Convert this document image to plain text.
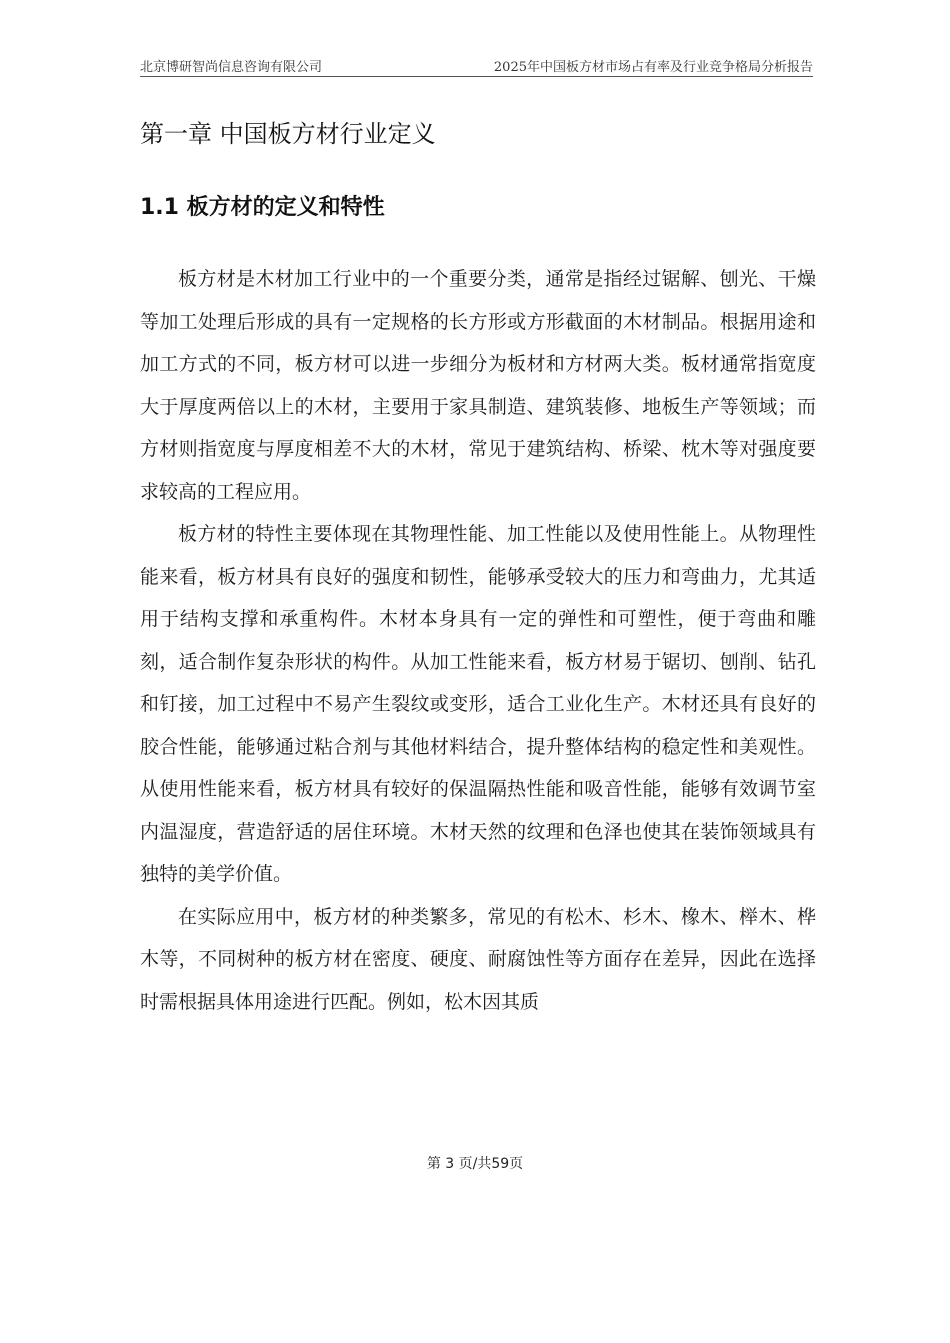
北京博研智尚信息咨询有限公司	2025年中国板方材市场占有率及行业竞争格局分析报告
第一章 中国板方材行业定义
1.1 板方材的定义和特性

板方材是木材加工行业中的一个重要分类，通常是指经过锯解、刨光、干燥等加工处理后形成的具有一定规格的长方形或方形截面的木材制品。根据用途和加工方式的不同，板方材可以进一步细分为板材和方材两大类。板材通常指宽度大于厚度两倍以上的木材，主要用于家具制造、建筑装修、地板生产等领域；而方材则指宽度与厚度相差不大的木材，常见于建筑结构、桥梁、枕木等对强度要求较高的工程应用。

板方材的特性主要体现在其物理性能、加工性能以及使用性能上。从物理性能来看，板方材具有良好的强度和韧性，能够承受较大的压力和弯曲力，尤其适用于结构支撑和承重构件。木材本身具有一定的弹性和可塑性，便于弯曲和雕刻，适合制作复杂形状的构件。从加工性能来看，板方材易于锯切、刨削、钻孔和钉接，加工过程中不易产生裂纹或变形，适合工业化生产。木材还具有良好的胶合性能，能够通过粘合剂与其他材料结合，提升整体结构的稳定性和美观性。从使用性能来看，板方材具有较好的保温隔热性能和吸音性能，能够有效调节室内温湿度，营造舒适的居住环境。木材天然的纹理和色泽也使其在装饰领域具有独特的美学价值。

在实际应用中，板方材的种类繁多，常见的有松木、杉木、橡木、榉木、桦木等，不同树种的板方材在密度、硬度、耐腐蚀性等方面存在差异，因此在选择时需根据具体用途进行匹配。例如，松木因其质

第 3 页/共59页
